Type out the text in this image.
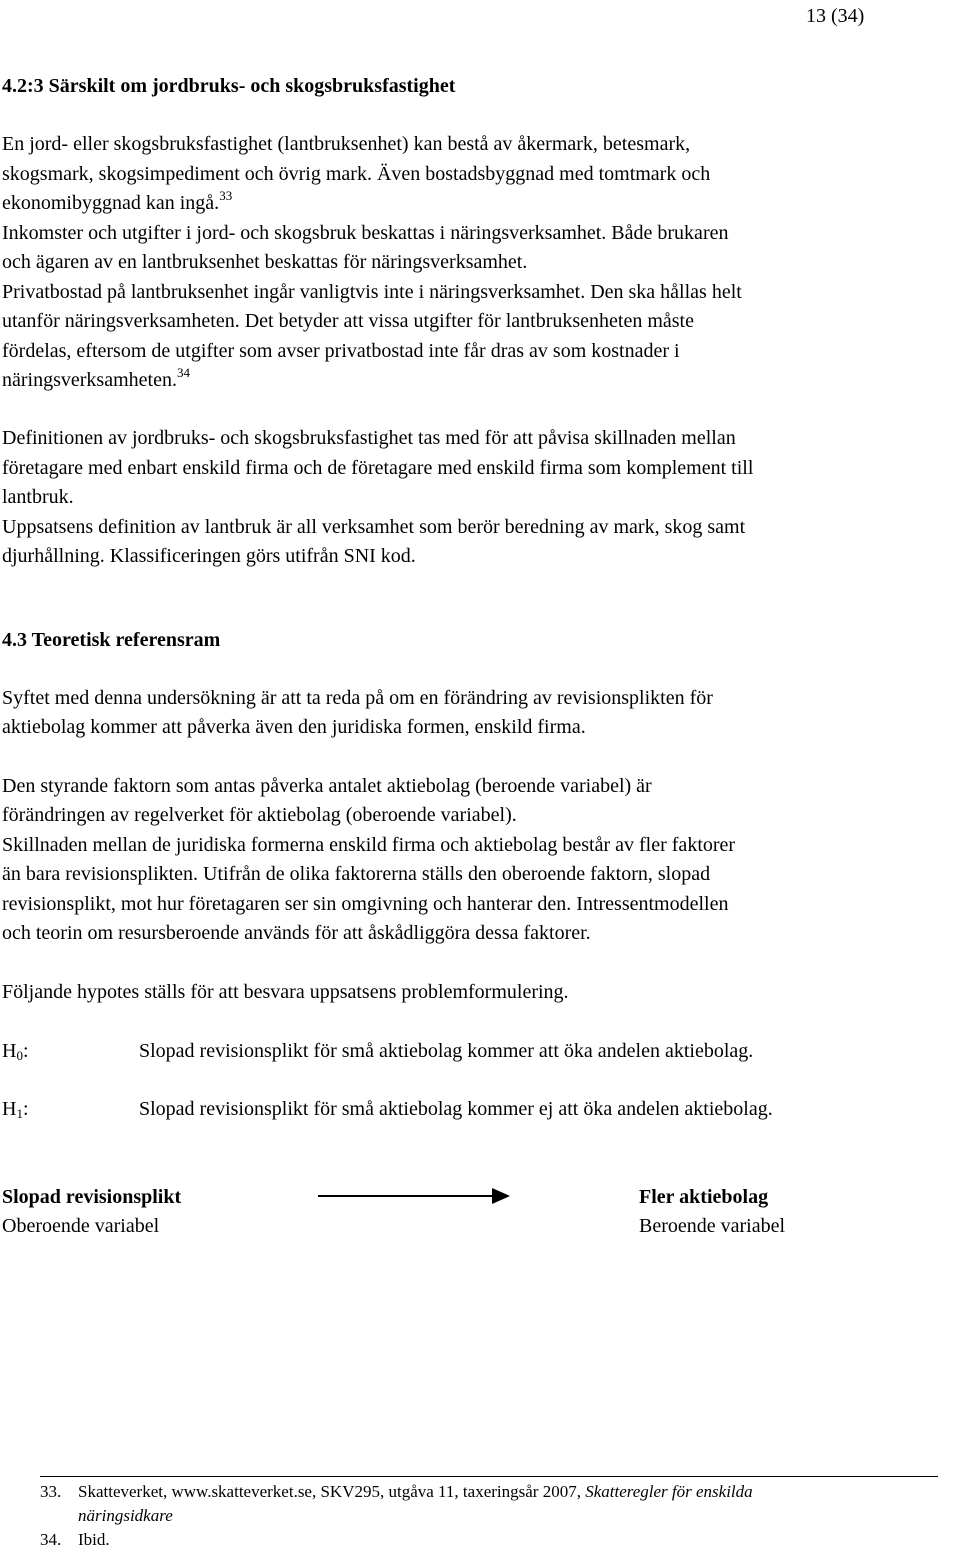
13 (34)
4.2:3 Särskilt om jordbruks- och skogsbruksfastighet
En jord- eller skogsbruksfastighet (lantbruksenhet) kan bestå av åkermark, betesmark,
skogsmark, skogsimpediment och övrig mark. Även bostadsbyggnad med tomtmark och
ekonomibyggnad kan ingå.$^{33}$
Inkomster och utgifter i jord- och skogsbruk beskattas i näringsverksamhet. Både brukaren
och ägaren av en lantbruksenhet beskattas för näringsverksamhet.
Privatbostad på lantbruksenhet ingår vanligtvis inte i näringsverksamhet. Den ska hållas helt
utanför näringsverksamheten. Det betyder att vissa utgifter för lantbruksenheten måste
fördelas, eftersom de utgifter som avser privatbostad inte får dras av som kostnader i
näringsverksamheten.$^{34}$
Definitionen av jordbruks- och skogsbruksfastighet tas med för att påvisa skillnaden mellan
företagare med enbart enskild firma och de företagare med enskild firma som komplement till
lantbruk.
Uppsatsens definition av lantbruk är all verksamhet som berör beredning av mark, skog samt
djurhållning. Klassificeringen görs utifrån SNI kod.
4.3 Teoretisk referensram
Syftet med denna undersökning är att ta reda på om en förändring av revisionsplikten för
aktiebolag kommer att påverka även den juridiska formen, enskild firma.
Den styrande faktorn som antas påverka antalet aktiebolag (beroende variabel) är
förändringen av regelverket för aktiebolag (oberoende variabel).
Skillnaden mellan de juridiska formerna enskild firma och aktiebolag består av fler faktorer
än bara revisionsplikten. Utifrån de olika faktorerna ställs den oberoende faktorn, slopad
revisionsplikt, mot hur företagaren ser sin omgivning och hanterar den. Intressentmodellen
och teorin om resursberoende används för att åskådliggöra dessa faktorer.
Följande hypotes ställs för att besvara uppsatsens problemformulering.
$H_0$:	Slopad revisionsplikt för små aktiebolag kommer att öka andelen aktiebolag.
$H_1$:	Slopad revisionsplikt för små aktiebolag kommer ej att öka andelen aktiebolag.
Slopad revisionsplikt
Oberoende variabel
Fler aktiebolag
Beroende variabel
33. Skatteverket, www.skatteverket.se, SKV295, utgåva 11, taxeringsår 2007, Skatteregler för enskilda
näringsidkare
34. Ibid.
